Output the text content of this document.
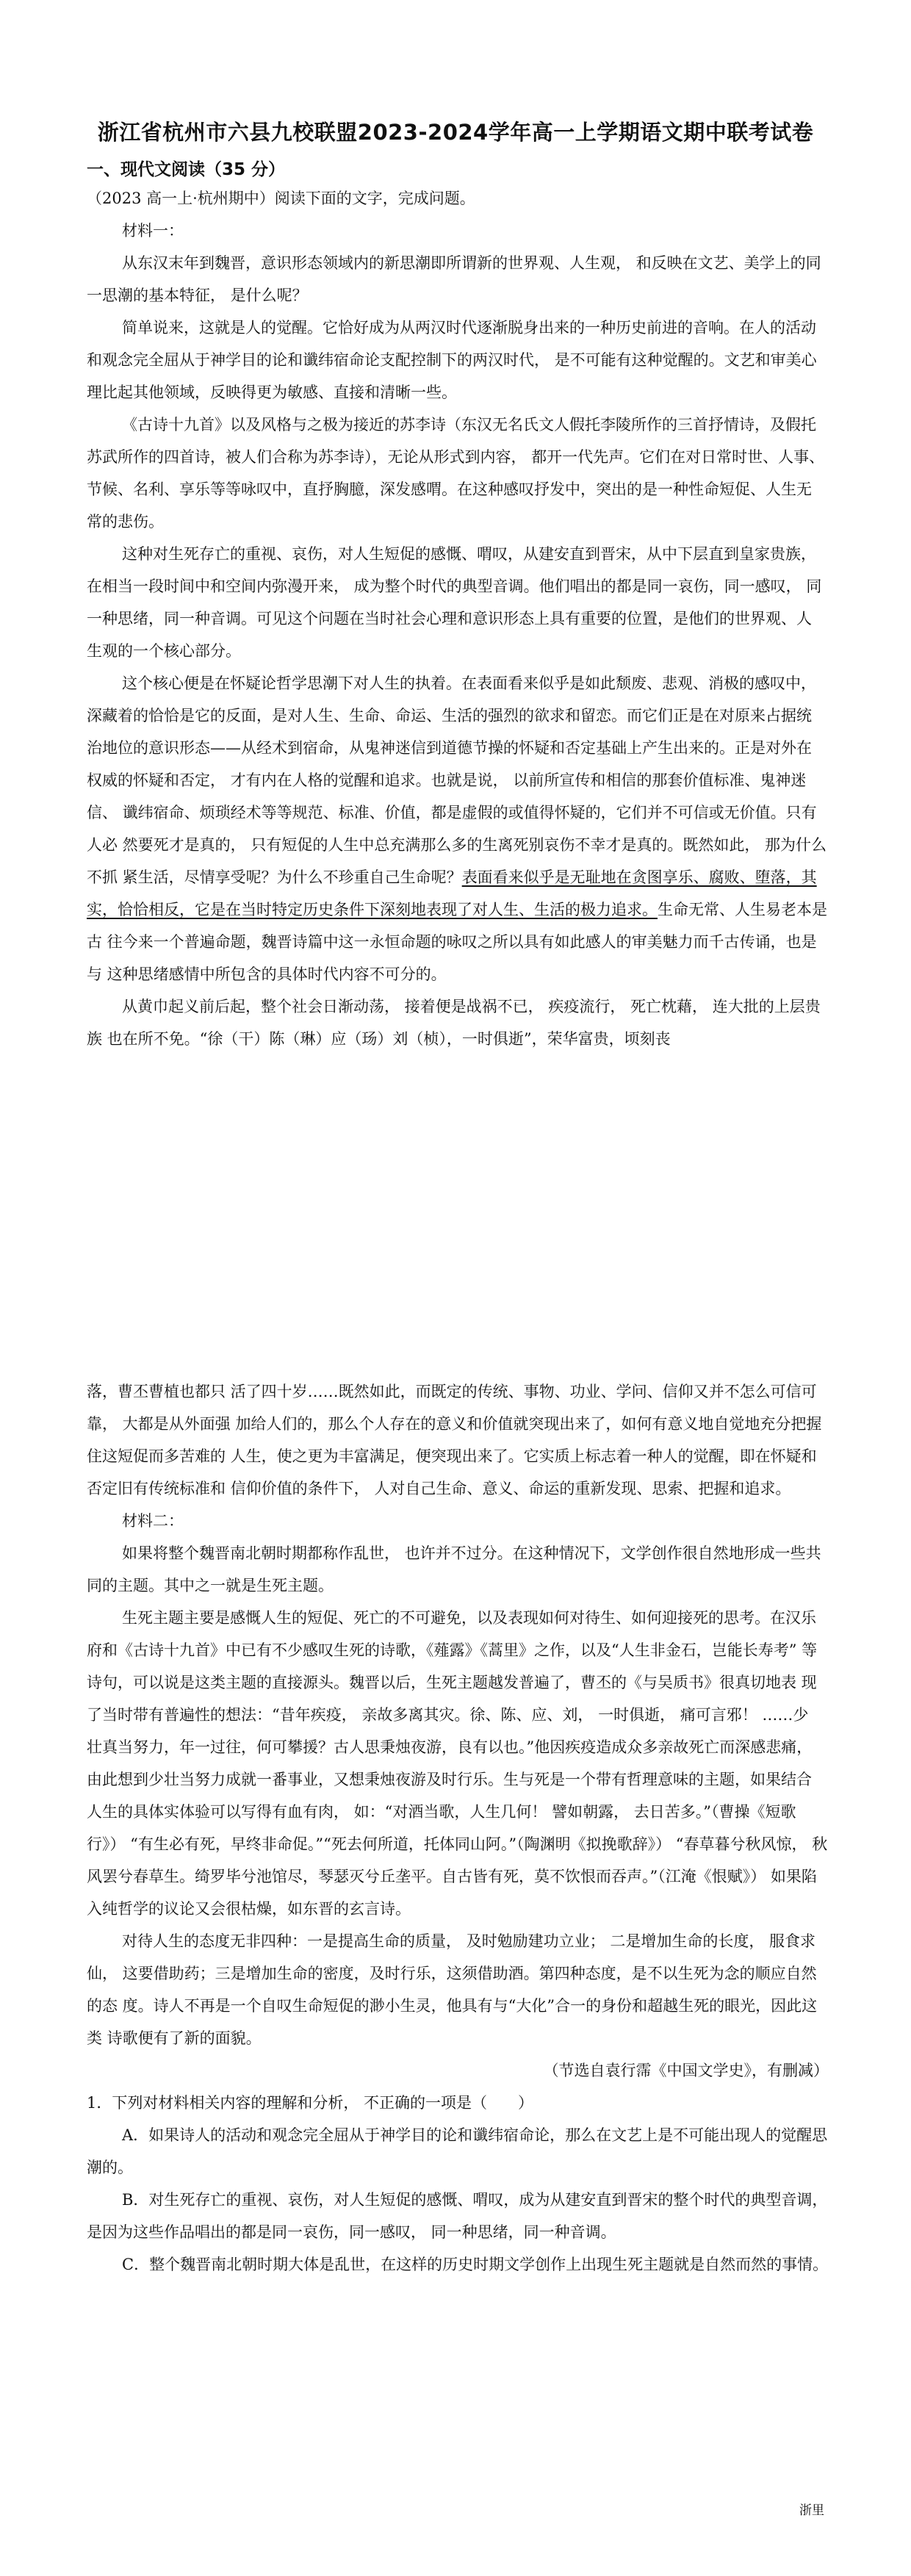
浙江省杭州市六县九校联盟2023-2024学年高一上学期语文期中联考试卷
一、现代文阅读（35 分）

（2023 高一上·杭州期中）阅读下面的文字，完成问题。

材料一：

从东汉末年到魏晋，意识形态领域内的新思潮即所谓新的世界观、人生观， 和反映在文艺、美学上的同 一思潮的基本特征， 是什么呢？

简单说来，这就是人的觉醒。它恰好成为从两汉时代逐渐脱身出来的一种历史前进的音响。在人的活动 和观念完全屈从于神学目的论和谶纬宿命论支配控制下的两汉时代， 是不可能有这种觉醒的。文艺和审美心 理比起其他领域，反映得更为敏感、直接和清晰一些。

《古诗十九首》以及风格与之极为接近的苏李诗（东汉无名氏文人假托李陵所作的三首抒情诗，及假托 苏武所作的四首诗，被人们合称为苏李诗），无论从形式到内容， 都开一代先声。它们在对日常时世、人事、 节候、名利、享乐等等咏叹中，直抒胸臆，深发感喟。在这种感叹抒发中，突出的是一种性命短促、人生无 常的悲伤。

这种对生死存亡的重视、哀伤，对人生短促的感慨、喟叹，从建安直到晋宋，从中下层直到皇家贵族， 在相当一段时间中和空间内弥漫开来， 成为整个时代的典型音调。他们唱出的都是同一哀伤，同一感叹， 同 一种思绪，同一种音调。可见这个问题在当时社会心理和意识形态上具有重要的位置，是他们的世界观、人 生观的一个核心部分。

这个核心便是在怀疑论哲学思潮下对人生的执着。在表面看来似乎是如此颓废、悲观、消极的感叹中， 深藏着的恰恰是它的反面，是对人生、生命、命运、生活的强烈的欲求和留恋。而它们正是在对原来占据统 治地位的意识形态——从经术到宿命，从鬼神迷信到道德节操的怀疑和否定基础上产生出来的。正是对外在 权威的怀疑和否定， 才有内在人格的觉醒和追求。也就是说， 以前所宣传和相信的那套价值标准、鬼神迷信、 谶纬宿命、烦琐经术等等规范、标准、价值，都是虚假的或值得怀疑的，它们并不可信或无价值。只有人必 然要死才是真的， 只有短促的人生中总充满那么多的生离死别哀伤不幸才是真的。既然如此， 那为什么不抓 紧生活，尽情享受呢？为什么不珍重自己生命呢？表面看来似乎是无耻地在贪图享乐、腐败、堕落，其实，恰恰相反，它是在当时特定历史条件下深刻地表现了对人生、生活的极力追求。生命无常、人生易老本是古 往今来一个普遍命题，魏晋诗篇中这一永恒命题的咏叹之所以具有如此感人的审美魅力而千古传诵，也是与 这种思绪感情中所包含的具体时代内容不可分的。

从黄巾起义前后起，整个社会日渐动荡， 接着便是战祸不已， 疾疫流行， 死亡枕藉， 连大批的上层贵族 也在所不免。“徐（干）陈（琳）应（玚）刘（桢），一时俱逝”，荣华富贵，顷刻丧

落，曹丕曹植也都只 活了四十岁……既然如此，而既定的传统、事物、功业、学问、信仰又并不怎么可信可靠， 大都是从外面强 加给人们的，那么个人存在的意义和价值就突现出来了，如何有意义地自觉地充分把握住这短促而多苦难的 人生，使之更为丰富满足，便突现出来了。它实质上标志着一种人的觉醒，即在怀疑和否定旧有传统标准和 信仰价值的条件下， 人对自己生命、意义、命运的重新发现、思索、把握和追求。

材料二：

如果将整个魏晋南北朝时期都称作乱世， 也许并不过分。在这种情况下，文学创作很自然地形成一些共同的主题。其中之一就是生死主题。

生死主题主要是感慨人生的短促、死亡的不可避免，以及表现如何对待生、如何迎接死的思考。在汉乐 府和《古诗十九首》中已有不少感叹生死的诗歌，《薤露》《蒿里》之作，以及“人生非金石，岂能长寿考” 等诗句，可以说是这类主题的直接源头。魏晋以后，生死主题越发普遍了，曹丕的《与吴质书》很真切地表 现了当时带有普遍性的想法：“昔年疾疫， 亲故多离其灾。徐、陈、应、刘， 一时俱逝， 痛可言邪！ ……少 壮真当努力，年一过往，何可攀援？古人思秉烛夜游，良有以也。”他因疾疫造成众多亲故死亡而深感悲痛， 由此想到少壮当努力成就一番事业，又想秉烛夜游及时行乐。生与死是一个带有哲理意味的主题，如果结合 人生的具体实体验可以写得有血有肉， 如：“对酒当歌，人生几何！ 譬如朝露， 去日苦多。”（曹操《短歌行》） “有生必有死，早终非命促。”“死去何所道，托体同山阿。”（陶渊明《拟挽歌辞》） “春草暮兮秋风惊， 秋风罢兮春草生。绮罗毕兮池馆尽，琴瑟灭兮丘垄平。自古皆有死，莫不饮恨而吞声。”（江淹《恨赋》） 如果陷入纯哲学的议论又会很枯燥，如东晋的玄言诗。

对待人生的态度无非四种：一是提高生命的质量， 及时勉励建功立业； 二是增加生命的长度， 服食求仙， 这要借助药；三是增加生命的密度，及时行乐，这须借助酒。第四种态度，是不以生死为念的顺应自然的态 度。诗人不再是一个自叹生命短促的渺小生灵，他具有与“大化”合一的身份和超越生死的眼光，因此这类 诗歌便有了新的面貌。

（节选自袁行霈《中国文学史》，有删减）

1．下列对材料相关内容的理解和分析， 不正确的一项是（　　）

A．如果诗人的活动和观念完全屈从于神学目的论和谶纬宿命论，那么在文艺上是不可能出现人的觉醒思潮的。

B．对生死存亡的重视、哀伤，对人生短促的感慨、喟叹，成为从建安直到晋宋的整个时代的典型音调， 是因为这些作品唱出的都是同一哀伤，同一感叹， 同一种思绪，同一种音调。

C．整个魏晋南北朝时期大体是乱世，在这样的历史时期文学创作上出现生死主题就是自然而然的事情。

浙里
